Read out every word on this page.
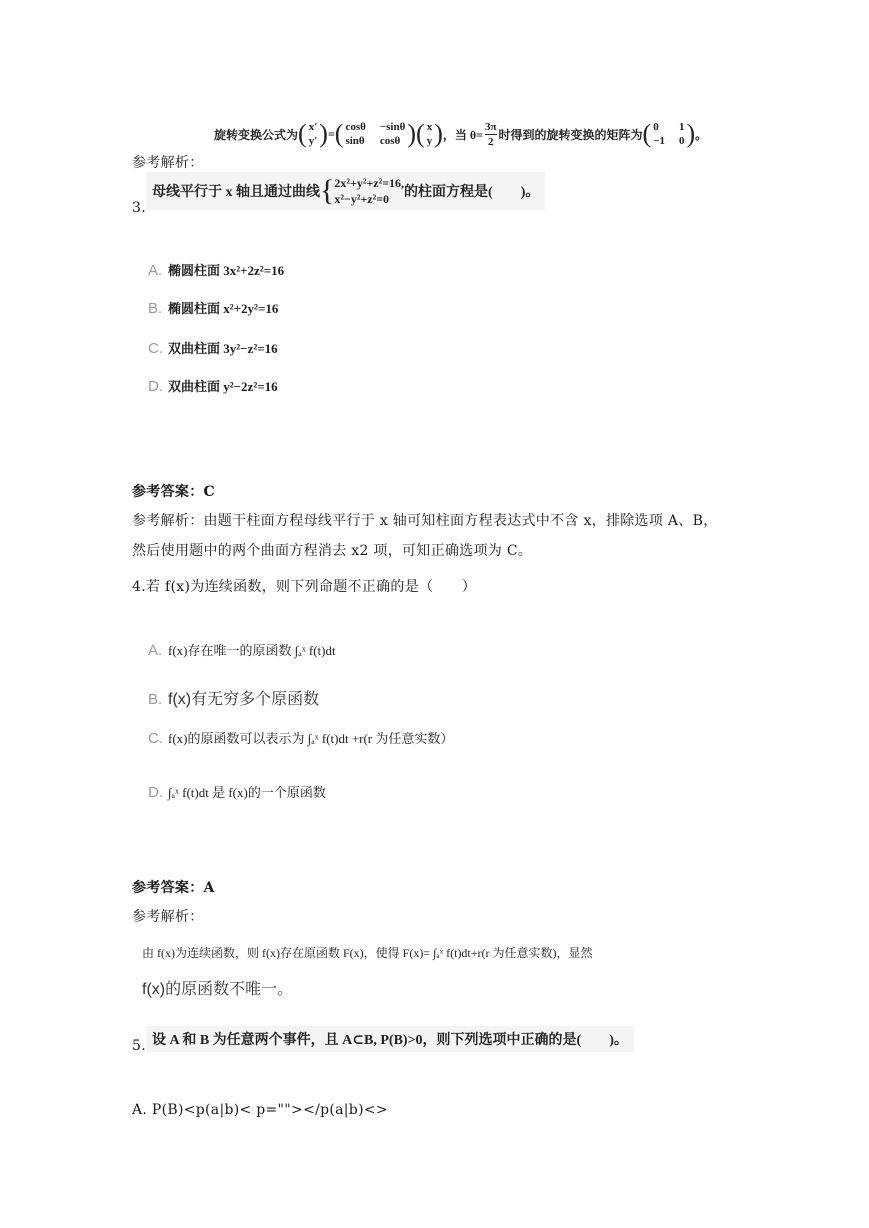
旋转变换公式为 ( x′
y′ ) = ( cosθ −sinθ
sinθ cosθ ) ( x
y ) ，当 $\theta= \frac{3\pi}{2}$ 时得到的旋转变换的矩阵为 ( 0	1
−1 0 ) 。
参考解析：
3.
母线平行于 x 轴且通过曲线 { 2x²+y²+z²=16,
x²−y²+z²=0	的柱面方程是(　　)。
A. 椭圆柱面 3x²+2z²=16
B. 椭圆柱面 x²+2y²=16
C. 双曲柱面 3y²−z²=16
D. 双曲柱面 y²−2z²=16
参考答案：C
参考解析：由题干柱面方程母线平行于 x 轴可知柱面方程表达式中不含 x，排除选项 A、B，
然后使用题中的两个曲面方程消去 x2 项，可知正确选项为 C。
4.若 f(x)为连续函数，则下列命题不正确的是（　　）
A. f(x)存在唯一的原函数 ∫ₐˣ f(t)dt
B. f(x)有无穷多个原函数
C. f(x)的原函数可以表示为 ∫ₐˣ f(t)dt +r(r 为任意实数）
D. ∫ₐˣ f(t)dt 是 f(x)的一个原函数
参考答案：A
参考解析：
由 f(x)为连续函数，则 f(x)存在原函数 F(x)，使得 F(x)= ∫ₐˣ f(t)dt+r(r 为任意实数)，显然
f(x)的原函数不唯一。
5. 设 A 和 B 为任意两个事件，且 A⊂B, P(B)>0，则下列选项中正确的是(　　)。
A. P(B)<p(a|b)< p=""></p(a|b)<>
